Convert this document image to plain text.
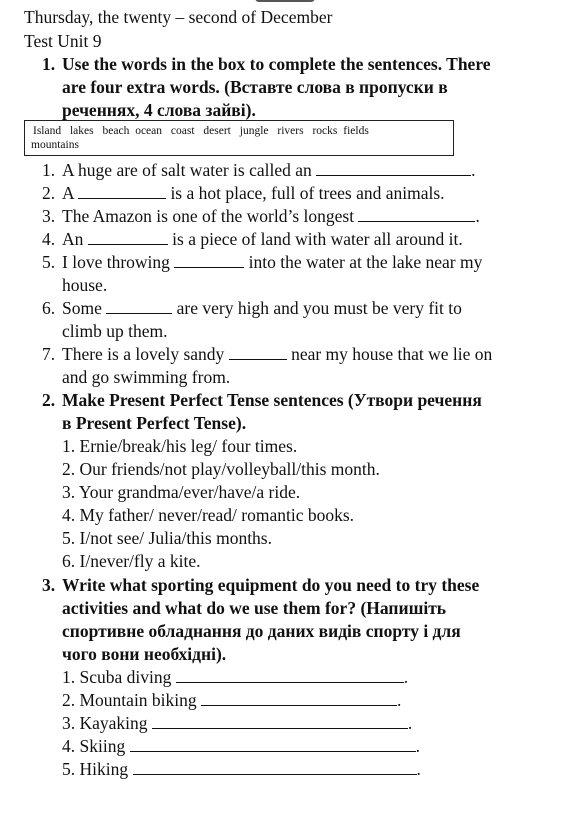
Thursday, the twenty – second of December
Test Unit 9
1. Use the words in the box to complete the sentences. There
are four extra words. (Вставте слова в пропуски в
реченнях, 4 слова зайві).
Island lakes beach ocean coast desert jungle rivers rocks fields
mountains
1. A huge are of salt water is called an	.
2. A	is a hot place, full of trees and animals.
3. The Amazon is one of the world’s longest	.
4. An	is a piece of land with water all around it.
5. I love throwing	into the water at the lake near my
house.
6. Some	are very high and you must be very fit to
climb up them.
7. There is a lovely sandy	near my house that we lie on
and go swimming from.
2. Make Present Perfect Tense sentences (Утвори речення
в Present Perfect Tense).
1. Ernie/break/his leg/ four times.
2. Our friends/not play/volleyball/this month.
3. Your grandma/ever/have/a ride.
4. My father/ never/read/ romantic books.
5. I/not see/ Julia/this months.
6. I/never/fly a kite.
3. Write what sporting equipment do you need to try these
activities and what do we use them for? (Напишіть
спортивне обладнання до даних видів спорту і для
чого вони необхідні).
1. Scuba diving	.
2. Mountain biking	.
3. Kayaking	.
4. Skiing	.
5. Hiking	.
